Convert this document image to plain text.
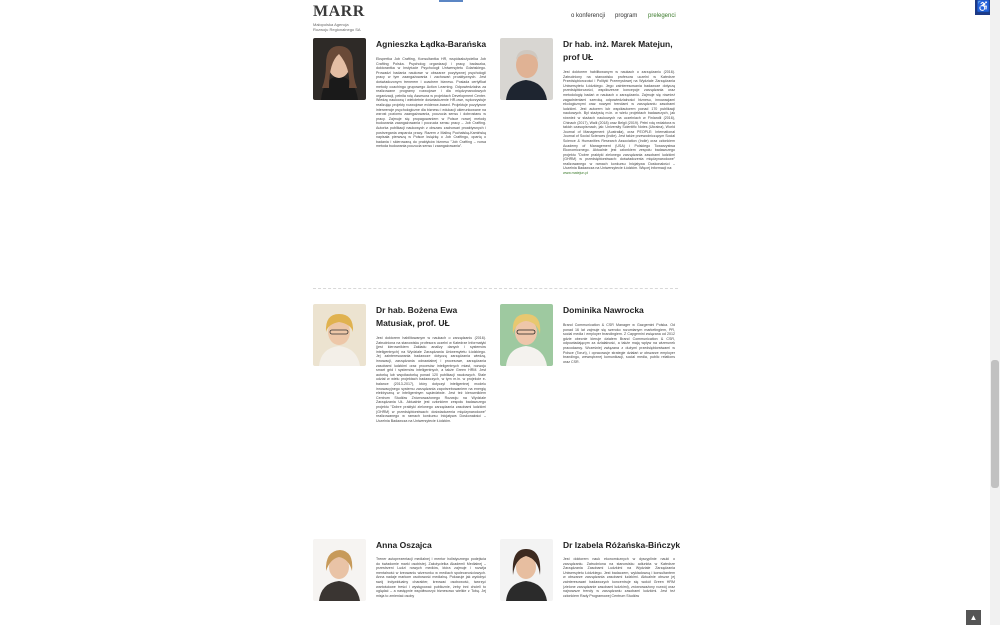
MARR
Małopolska Agencja Rozwoju Regionalnego SA
o konferencji program prelegenci
♿
Agnieszka Łądka-Barańska

Ekspertka Job Crafting, Konsultantka HR, współzałożycielka Job Crafting Polska. Psycholog organizacji i pracy, badaczka, doktorantka w Instytucie Psychologii Uniwersytetu Gdańskiego. Prowadzi badania naukowe w obszarze pozytywnej psychologii pracy w tym zaangażowania i zachowań proaktywnych. Jest doświadczonym trenerem i coachem biznesu. Posiada certyfikat metody coachingu grupowego Action Learning. Odpowiedzialna za realizowane programy rozwojowe i dla międzynarodowych organizacji, pełniła rolę Assesora w projektach Development Center. Wiedzę naukową i wieloletnie doświadczenie HR-owe, wykorzystuje realizując projekty rozwojowe evidence-based. Projektuje pozytywne interwencje psychologiczne dla biznesu i edukacji ukierunkowane na wzrost poziomu zaangażowania, poczucia sensu i dobrostanu w pracy. Zajmuje się propagowaniem w Polsce nowej metody budowania zaangażowania i poczucia sensu pracy – Job Crafting. Autorka publikacji naukowych z obszaru zachowań proaktywnych i postrzegania wsparcia pracy. Razem z Maliną Puchalską-Kamińską napisała pierwszą w Polsce książkę o Job Craftingu, opartą o badania i skierowaną do praktyków biznesu "Job Crafting – nowa metoda budowania poczucia sensu i zaangażowania".

Dr hab. inż. Marek Matejun, prof UŁ
Jest doktorem habilitowanym w naukach o zarządzaniu (2016). Zatrudniony na stanowisku profesora uczelni w Katedrze Przedsiębiorczości i Polityki Przemysłowej na Wydziale Zarządzania Uniwersytetu Łódzkiego. Jego zainteresowania badawcze dotyczą przedsiębiorczości, współczesne koncepcje zarządzania oraz metodologię badań w naukach o zarządzaniu. Zajmuje się również zagadnieniami szeroką odpowiedzialności biznesu, innowacjami ekologicznymi oraz nowymi trendami w zarządzaniu zasobami ludzkimi. Jest autorem lub współautorem ponad 170 publikacji naukowych. Był stażystą m.in. w wielu projektach badawczych, jak również w stażach naukowych na uczelniach w Finlandii (2016), Chinach (2017), Walii (2018) oraz Belgii (2019). Pełni rolę redaktora w takich czasopismach, jak: University Scientific Notes (Ukraina), World Journal of Management (Australia), oraz PEOPLE: International Journal of Social Sciences (Indie). Jest także przewodniczącym Social Science & Humanities Research Association (Indie) oraz członkiem Academy of Management (USA) i Polskiego Towarzystwa Ekonomicznego. Aktualnie jest członkiem zespołu badawczego projektu "Dobre praktyki zielonego zarządzania zasobami ludzkimi (GHRM) w przedsiębiorstwach: doświadczenia międzynarodowe" realizowanego w ramach konkursu Inicjatywa Doskonałości – Uczelnia Badawcza na Uniwersytecie Łódzkim. Więcej informacji na:
www.matejun.pl
Dr hab. Bożena Ewa Matusiak, prof. UŁ

Jest doktorem habilitowanym w naukach o zarządzaniu (2016). Zatrudniona na stanowisku profesora uczelni w Katedrze Informatyki (jest kierownikiem Zakładu analizy danych i systemów inteligentnych) na Wydziale Zarządzania Uniwersytetu Łódzkiego. Jej zainteresowania badawcze dotyczą zarządzania wiedzą, innowacji, zarządzania odnawialnej i procesowe, zarządzania zasobami ludzkimi oraz procesów inteligentnych miast, rozwoju smart grid i systemów inteligentnych, a także Green HRM. Jest autorką lub współautorką ponad 120 publikacji naukowych. Stale udział w wielu projektach badawczych, w tym m.in. w projekcie e-balance (2013-2017), który dotyczył inteligentnej modelu innowacyjnego systemu zarządzania zapotrzebowaniem na energię elektryczną w inteligentnym sąsiedztwie. Jest też kierownikiem Centrum Studiów Zrównoważonego Rozwoju na Wydziale Zarządzania UŁ. Aktualnie jest członkiem zespołu badawczego projektu "Dobre praktyki zielonego zarządzania zasobami ludzkimi (GHRM) w przedsiębiorstwach: doświadczenia międzynarodowe" realizowanego w ramach konkursu Inicjatywa Doskonałości – Uczelnia Badawcza na Uniwersytecie Łódzkim.

Dominika Nawrocka

Brand Communication & CSR Manager w Gazgemini Polska. Od ponad 16 lat zajmuje się szeroko rozumianym marketingiem, PR, social media i employer brandingiem. Z Capgemini związana od 2012 gdzie obecnie kieruje działem Brand Communication & CSR, odpowiadającym za działalność, a także mają wpływ na wizerunek pracodawcy. Wcześniej związana z dużymi przedsiębiorstwami w Polsce (Toruń), i opracowuje strategie działań w obszarze employer brandingu, wewnętrznej komunikacji, social media, public relations oraz CSR.

Anna Oszajca

Trener autoprezentacji medialnej i mentor holistycznego podejścia do świadomie marki osobistej. Założycielka Akademii Medialnej – przestrzeni Ludzi nowych mediów, która zajmuje i rozwija mentalność w kreowaniu wizerunku w mediach społecznościowych. Anna nadaje markom osobowość medialną. Pokazuje jak wydobyć swój indywidualny charakter, kreować osobowość, tworzyć wartościowe treści i występować publicznie, żeby inni chcieli to oglądać – a następnie współtworzyć biznesowo wielkie z Tobą. Jej misja to zmieniać osoby

Dr Izabela Różańska-Bińczyk

Jest doktorem nauk ekonomicznych w dyscyplinie nauki o zarządzaniu. Zatrudniona na stanowisku adiunkta w Katedrze Zarządzania Zasobami Ludzkimi na Wydziale Zarządzania Uniwersytetu Łódzkiego. Jest badaczem, wykładowcą i konsultantem w obszarze zarządzania zasobami ludzkimi. Aktualnie obszar jej zainteresowań badawczych koncentruje się wokół Green HRM (zielone zarządzanie zasobami ludzkimi), zrównoważony rozwój oraz najnowsze trendy w zarządzaniu zasobami ludzkimi. Jest też członkiem Rady Programowej Centrum Studiów

▲
